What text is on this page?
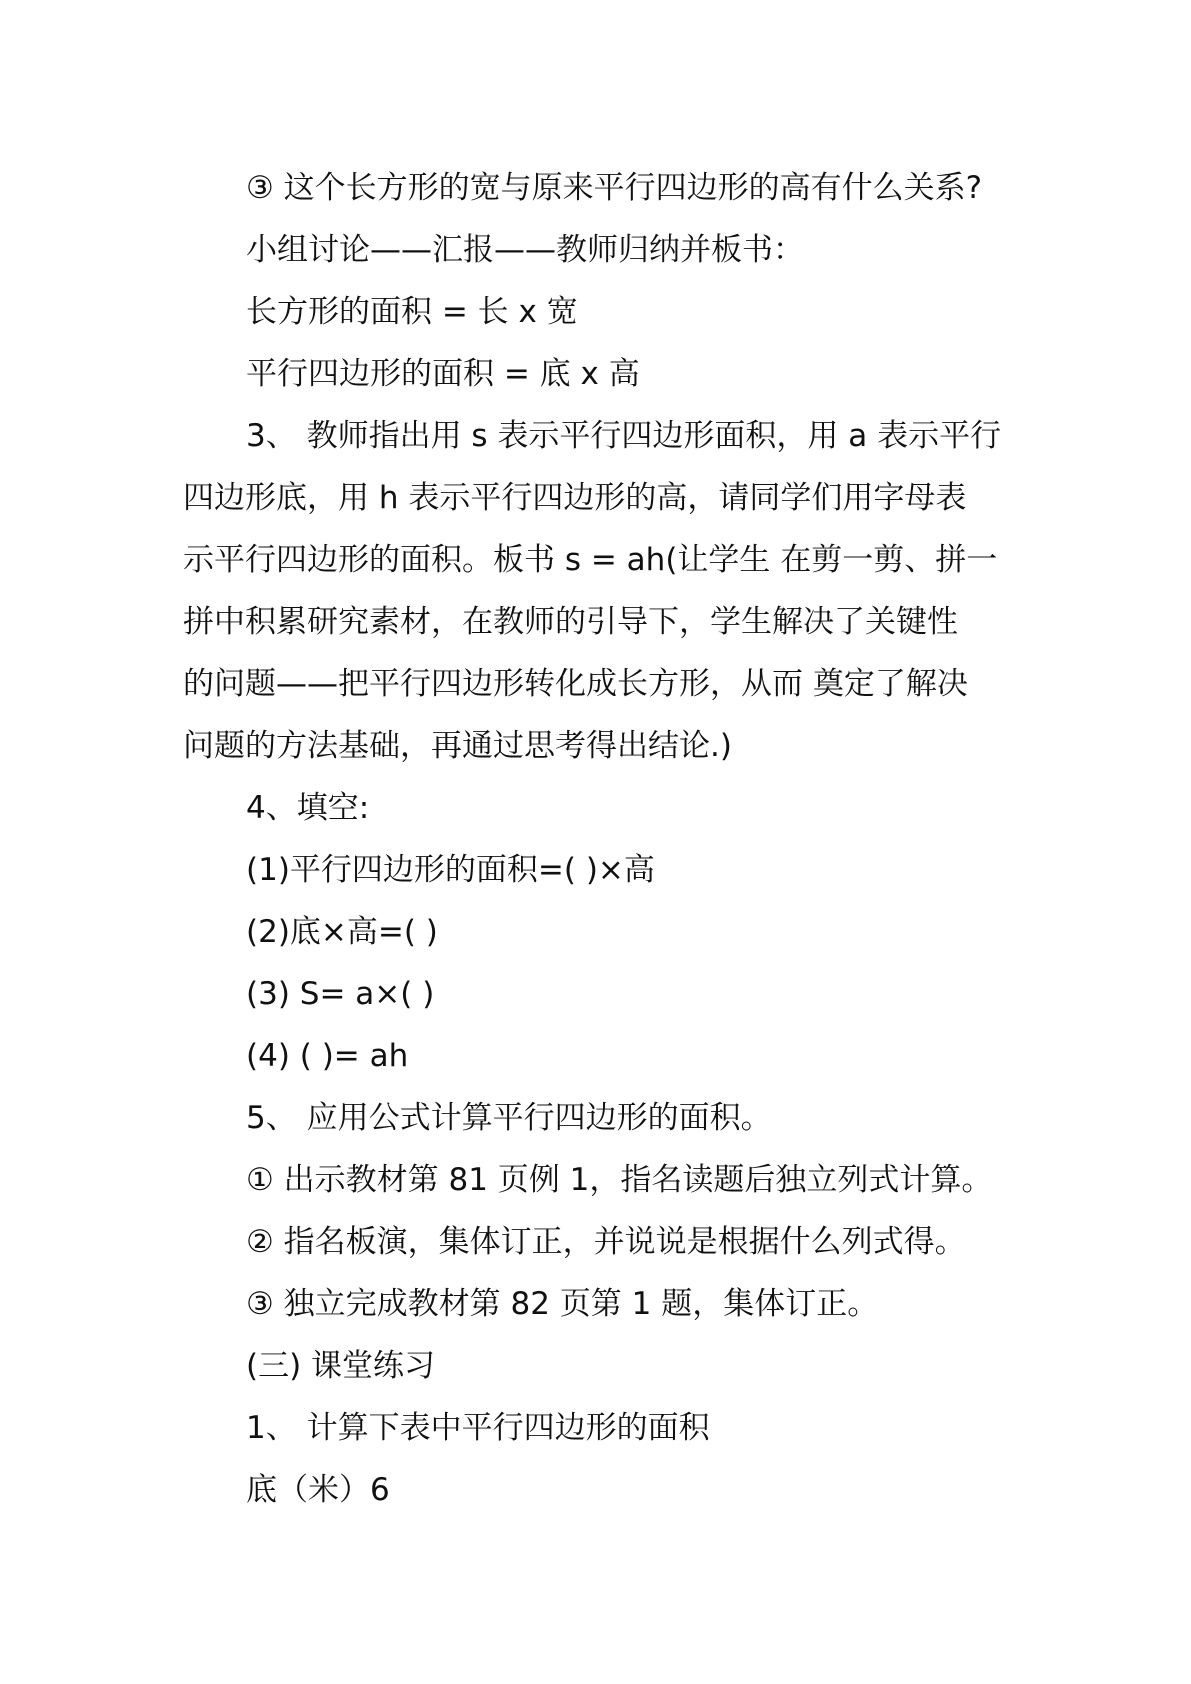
③ 这个长方形的宽与原来平行四边形的高有什么关系?
小组讨论——汇报——教师归纳并板书：
长方形的面积 = 长 x 宽
平行四边形的面积 = 底 x 高
3、 教师指出用 s 表示平行四边形面积，用 a 表示平行
四边形底，用 h 表示平行四边形的高，请同学们用字母表
示平行四边形的面积。板书 s = ah(让学生 在剪一剪、拼一
拼中积累研究素材，在教师的引导下，学生解决了关键性
的问题——把平行四边形转化成长方形，从而 奠定了解决
问题的方法基础，再通过思考得出结论.)
4、填空:
(1)平行四边形的面积=( )×高
(2)底×高=( )
(3) S= a×( )
(4) ( )= ah
5、 应用公式计算平行四边形的面积。
① 出示教材第 81 页例 1，指名读题后独立列式计算。
② 指名板演，集体订正，并说说是根据什么列式得。
③ 独立完成教材第 82 页第 1 题，集体订正。
(三) 课堂练习
1、 计算下表中平行四边形的面积
底（米）6
